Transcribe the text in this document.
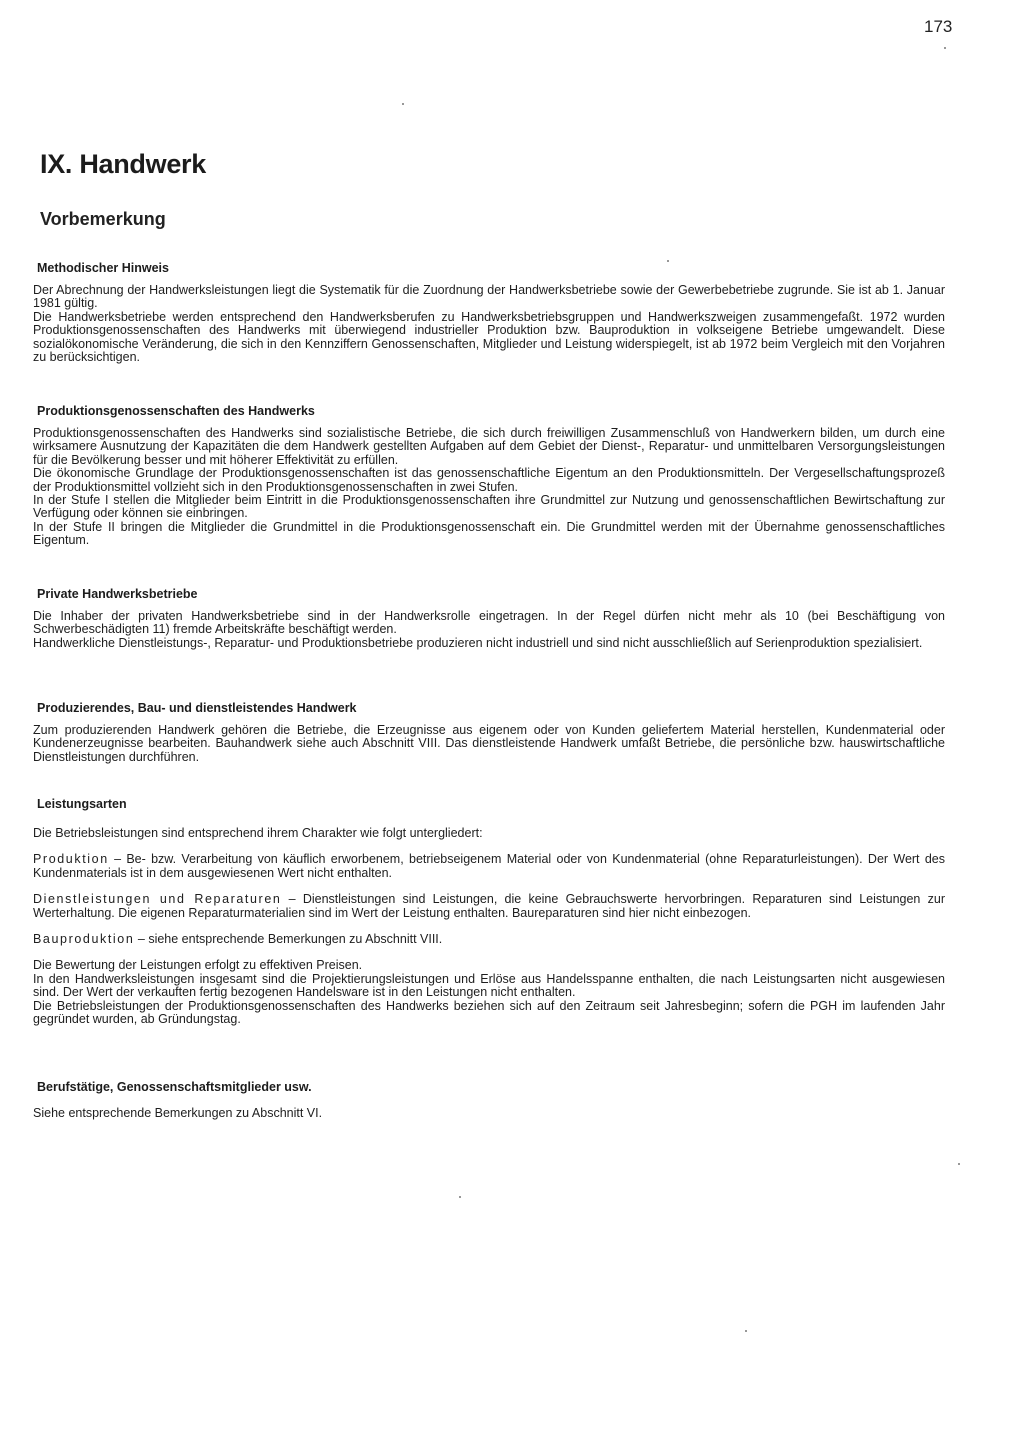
173
IX. Handwerk
Vorbemerkung
Methodischer Hinweis

Der Abrechnung der Handwerksleistungen liegt die Systematik für die Zuordnung der Handwerksbetriebe sowie der Gewerbebetriebe zugrunde. Sie ist ab 1. Januar 1981 gültig.

Die Handwerksbetriebe werden entsprechend den Handwerksberufen zu Handwerksbetriebsgruppen und Handwerkszweigen zusammengefaßt. 1972 wurden Produktionsgenossenschaften des Handwerks mit überwiegend industrieller Produktion bzw. Bauproduktion in volkseigene Betriebe umgewandelt. Diese sozialökonomische Veränderung, die sich in den Kennziffern Genossenschaften, Mitglieder und Leistung widerspiegelt, ist ab 1972 beim Vergleich mit den Vorjahren zu berücksichtigen.

Produktionsgenossenschaften des Handwerks

Produktionsgenossenschaften des Handwerks sind sozialistische Betriebe, die sich durch freiwilligen Zusammenschluß von Handwerkern bilden, um durch eine wirksamere Ausnutzung der Kapazitäten die dem Handwerk gestellten Aufgaben auf dem Gebiet der Dienst-, Reparatur- und unmittelbaren Versorgungsleistungen für die Bevölkerung besser und mit höherer Effektivität zu erfüllen.

Die ökonomische Grundlage der Produktionsgenossenschaften ist das genossenschaftliche Eigentum an den Produktionsmitteln. Der Vergesellschaftungsprozeß der Produktionsmittel vollzieht sich in den Produktionsgenossenschaften in zwei Stufen.

In der Stufe I stellen die Mitglieder beim Eintritt in die Produktionsgenossenschaften ihre Grundmittel zur Nutzung und genossenschaftlichen Bewirtschaftung zur Verfügung oder können sie einbringen.

In der Stufe II bringen die Mitglieder die Grundmittel in die Produktionsgenossenschaft ein. Die Grundmittel werden mit der Übernahme genossenschaftliches Eigentum.

Private Handwerksbetriebe

Die Inhaber der privaten Handwerksbetriebe sind in der Handwerksrolle eingetragen. In der Regel dürfen nicht mehr als 10 (bei Beschäftigung von Schwerbeschädigten 11) fremde Arbeitskräfte beschäftigt werden.

Handwerkliche Dienstleistungs-, Reparatur- und Produktionsbetriebe produzieren nicht industriell und sind nicht ausschließlich auf Serienproduktion spezialisiert.

Produzierendes, Bau- und dienstleistendes Handwerk

Zum produzierenden Handwerk gehören die Betriebe, die Erzeugnisse aus eigenem oder von Kunden geliefertem Material herstellen, Kundenmaterial oder Kundenerzeugnisse bearbeiten. Bauhandwerk siehe auch Abschnitt VIII. Das dienstleistende Handwerk umfaßt Betriebe, die persönliche bzw. hauswirtschaftliche Dienstleistungen durchführen.

Leistungsarten

Die Betriebsleistungen sind entsprechend ihrem Charakter wie folgt untergliedert:

Produktion – Be- bzw. Verarbeitung von käuflich erworbenem, betriebseigenem Material oder von Kundenmaterial (ohne Reparaturleistungen). Der Wert des Kundenmaterials ist in dem ausgewiesenen Wert nicht enthalten.

Dienstleistungen und Reparaturen – Dienstleistungen sind Leistungen, die keine Gebrauchswerte hervorbringen. Reparaturen sind Leistungen zur Werterhaltung. Die eigenen Reparaturmaterialien sind im Wert der Leistung enthalten. Baureparaturen sind hier nicht einbezogen.

Bauproduktion – siehe entsprechende Bemerkungen zu Abschnitt VIII.

Die Bewertung der Leistungen erfolgt zu effektiven Preisen.

In den Handwerksleistungen insgesamt sind die Projektierungsleistungen und Erlöse aus Handelsspanne enthalten, die nach Leistungsarten nicht ausgewiesen sind. Der Wert der verkauften fertig bezogenen Handelsware ist in den Leistungen nicht enthalten.

Die Betriebsleistungen der Produktionsgenossenschaften des Handwerks beziehen sich auf den Zeitraum seit Jahresbeginn; sofern die PGH im laufenden Jahr gegründet wurden, ab Gründungstag.

Berufstätige, Genossenschaftsmitglieder usw.

Siehe entsprechende Bemerkungen zu Abschnitt VI.
